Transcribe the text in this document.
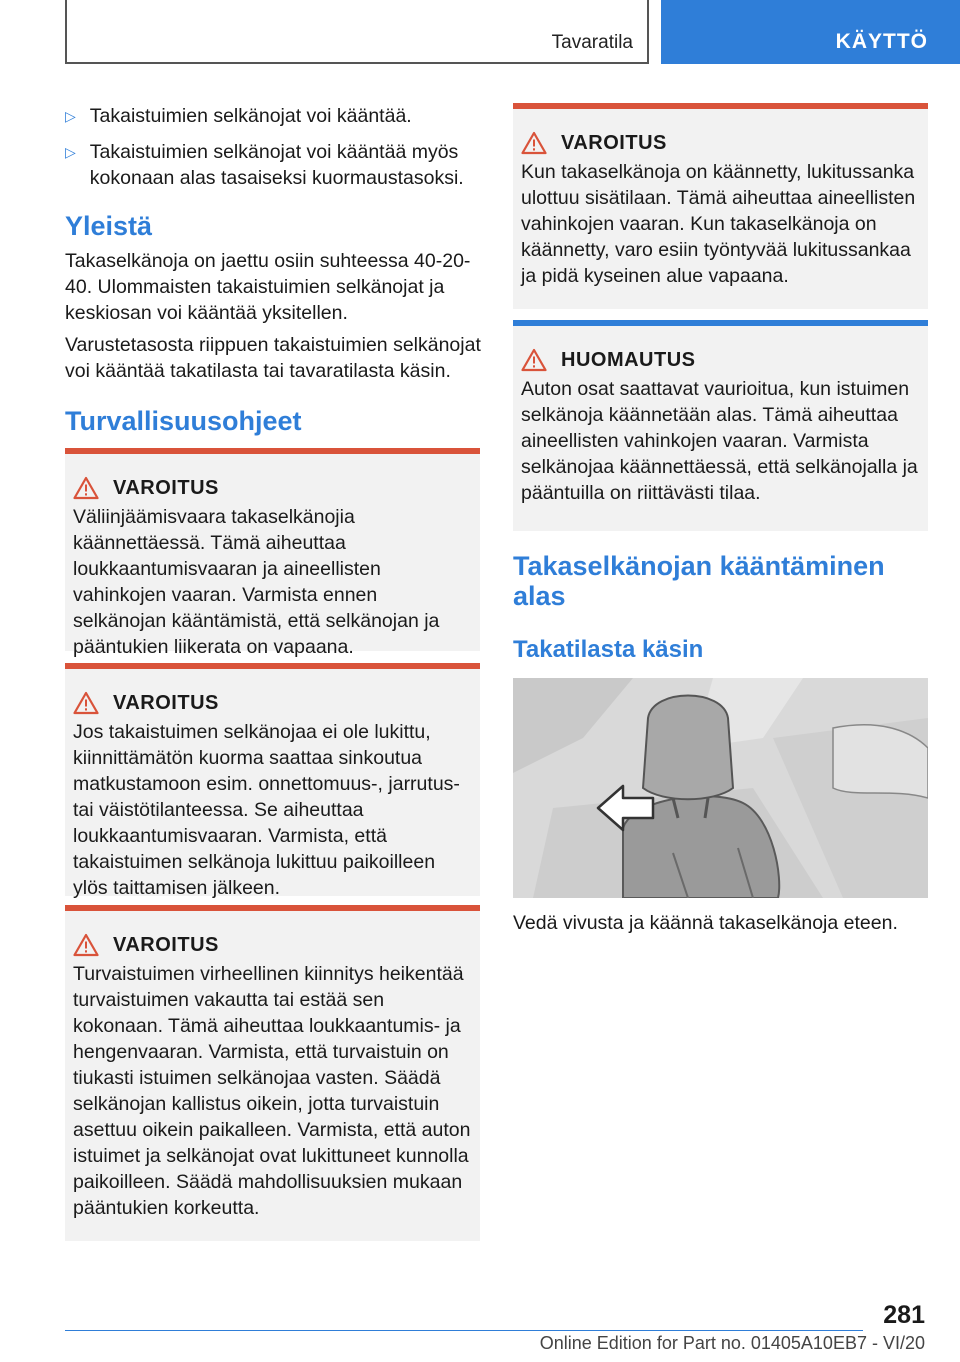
Tavaratila	KÄYTTÖ
▷ Takaistuimien selkänojat voi kääntää.
▷ Takaistuimien selkänojat voi kääntää myös kokonaan alas tasaiseksi kuormaustasoksi.
Yleistä
Takaselkänoja on jaettu osiin suhteessa 40-20-40. Ulommaisten takaistuimien selkänojat ja keskiosan voi kääntää yksitellen.
Varustetasosta riippuen takaistuimien selkänojat voi kääntää takatilasta tai tavaratilasta käsin.
Turvallisuusohjeet
VAROITUS
Väliinjäämisvaara takaselkänojia käännettäessä. Tämä aiheuttaa loukkaantumisvaaran ja aineellisten vahinkojen vaaran. Varmista ennen selkänojan kääntämistä, että selkänojan ja pääntukien liikerata on vapaana.
VAROITUS
Jos takaistuimen selkänojaa ei ole lukittu, kiinnittämätön kuorma saattaa sinkoutua matkustamoon esim. onnettomuus-, jarrutus- tai väistötilanteessa. Se aiheuttaa loukkaantumisvaaran. Varmista, että takaistuimen selkänoja lukittuu paikoilleen ylös taittamisen jälkeen.
VAROITUS
Turvaistuimen virheellinen kiinnitys heikentää turvaistuimen vakautta tai estää sen kokonaan. Tämä aiheuttaa loukkaantumis- ja hengenvaaran. Varmista, että turvaistuin on tiukasti istuimen selkänojaa vasten. Säädä selkänojan kallistus oikein, jotta turvaistuin asettuu oikein paikalleen. Varmista, että auton istuimet ja selkänojat ovat lukittuneet kunnolla paikoilleen. Säädä mahdollisuuksien mukaan pääntukien korkeutta.
VAROITUS
Kun takaselkänoja on käännetty, lukitussanka ulottuu sisätilaan. Tämä aiheuttaa aineellisten vahinkojen vaaran. Kun takaselkänoja on käännetty, varo esiin työntyvää lukitussankaa ja pidä kyseinen alue vapaana.
HUOMAUTUS
Auton osat saattavat vaurioitua, kun istuimen selkänoja käännetään alas. Tämä aiheuttaa aineellisten vahinkojen vaaran. Varmista selkänojaa käännettäessä, että selkänojalla ja pääntuilla on riittävästi tilaa.
Takaselkänojan kääntäminen alas
Takatilasta käsin
Vedä vivusta ja käännä takaselkänoja eteen.
281
Online Edition for Part no. 01405A10EB7 - VI/20
